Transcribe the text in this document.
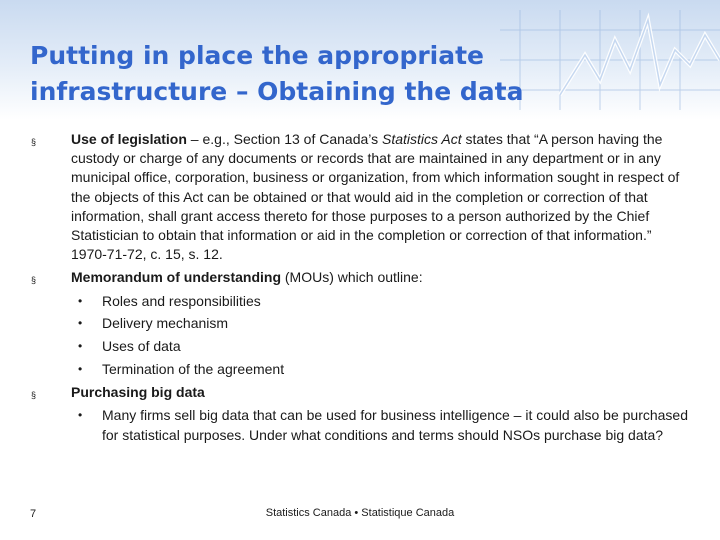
Putting in place the appropriate
infrastructure – Obtaining the data
§ Use of legislation – e.g., Section 13 of Canada’s Statistics Act states that “A person having the custody or charge of any documents or records that are maintained in any department or in any municipal office, corporation, business or organization, from which information sought in respect of the objects of this Act can be obtained or that would aid in the completion or correction of that information, shall grant access thereto for those purposes to a person authorized by the Chief Statistician to obtain that information or aid in the completion or correction of that information.” 1970-71-72, c. 15, s. 12.
§ Memorandum of understanding (MOUs) which outline:
• Roles and responsibilities
• Delivery mechanism
• Uses of data
• Termination of the agreement
§ Purchasing big data
• Many firms sell big data that can be used for business intelligence – it could also be purchased for statistical purposes. Under what conditions and terms should NSOs purchase big data?
7	Statistics Canada • Statistique Canada
